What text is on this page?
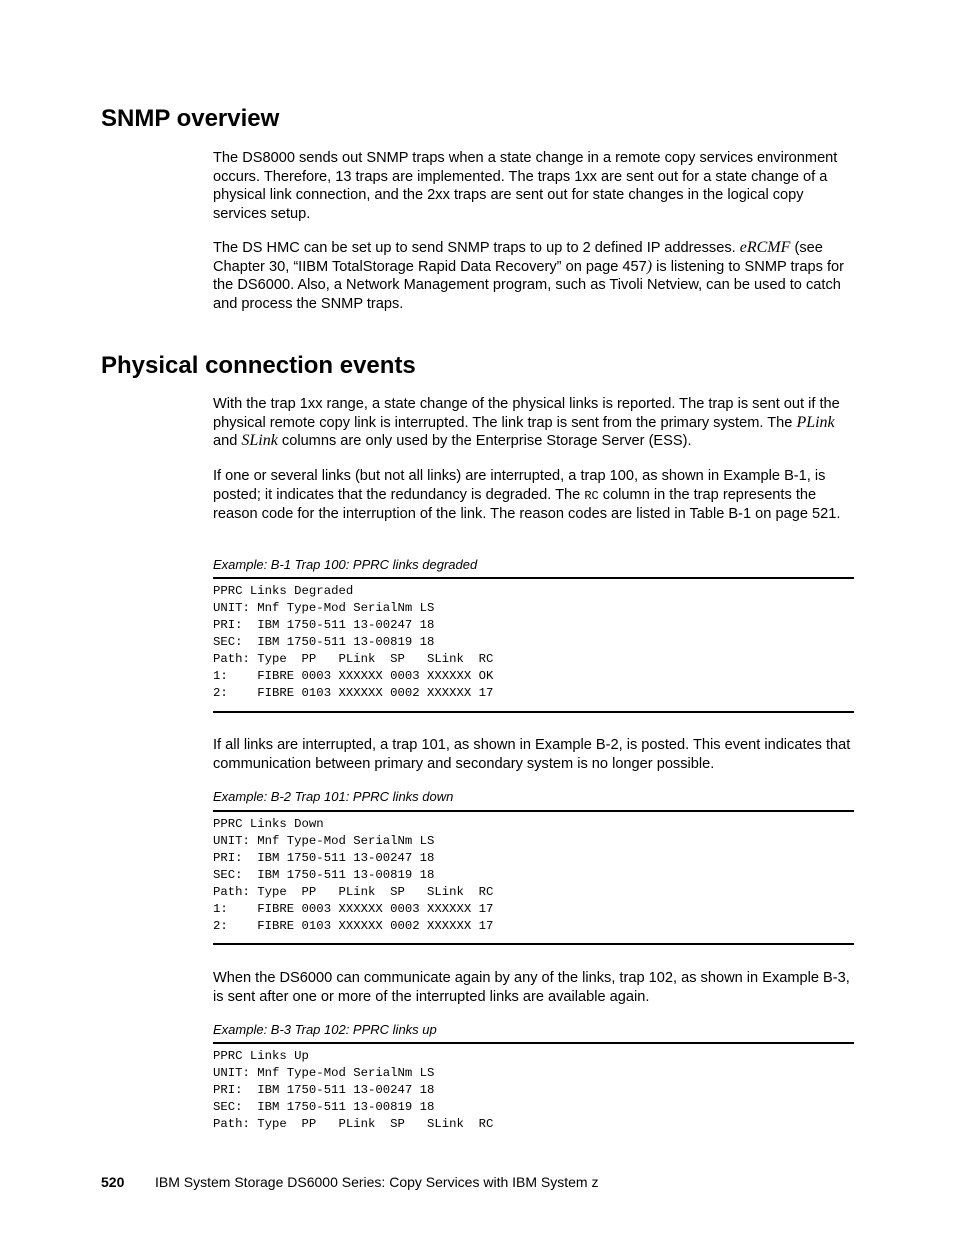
SNMP overview

The DS8000 sends out SNMP traps when a state change in a remote copy services environment occurs. Therefore, 13 traps are implemented. The traps 1xx are sent out for a state change of a physical link connection, and the 2xx traps are sent out for state changes in the logical copy services setup.

The DS HMC can be set up to send SNMP traps to up to 2 defined IP addresses. eRCMF (see Chapter 30, “IIBM TotalStorage Rapid Data Recovery” on page 457) is listening to SNMP traps for the DS6000. Also, a Network Management program, such as Tivoli Netview, can be used to catch and process the SNMP traps.

Physical connection events

With the trap 1xx range, a state change of the physical links is reported. The trap is sent out if the physical remote copy link is interrupted. The link trap is sent from the primary system. The PLink and SLink columns are only used by the Enterprise Storage Server (ESS).

If one or several links (but not all links) are interrupted, a trap 100, as shown in Example B-1, is posted; it indicates that the redundancy is degraded. The RC column in the trap represents the reason code for the interruption of the link. The reason codes are listed in Table B-1 on page 521.

Example: B-1 Trap 100: PPRC links degraded
PPRC Links Degraded
UNIT: Mnf Type-Mod SerialNm LS
PRI:  IBM 1750-511 13-00247 18
SEC:  IBM 1750-511 13-00819 18
Path: Type  PP   PLink  SP   SLink  RC
1:    FIBRE 0003 XXXXXX 0003 XXXXXX OK
2:    FIBRE 0103 XXXXXX 0002 XXXXXX 17

If all links are interrupted, a trap 101, as shown in Example B-2, is posted. This event indicates that communication between primary and secondary system is no longer possible.

Example: B-2 Trap 101: PPRC links down
PPRC Links Down
UNIT: Mnf Type-Mod SerialNm LS
PRI:  IBM 1750-511 13-00247 18
SEC:  IBM 1750-511 13-00819 18
Path: Type  PP   PLink  SP   SLink  RC
1:    FIBRE 0003 XXXXXX 0003 XXXXXX 17
2:    FIBRE 0103 XXXXXX 0002 XXXXXX 17

When the DS6000 can communicate again by any of the links, trap 102, as shown in Example B-3, is sent after one or more of the interrupted links are available again.

Example: B-3 Trap 102: PPRC links up
PPRC Links Up
UNIT: Mnf Type-Mod SerialNm LS
PRI:  IBM 1750-511 13-00247 18
SEC:  IBM 1750-511 13-00819 18
Path: Type  PP   PLink  SP   SLink  RC
520 IBM System Storage DS6000 Series: Copy Services with IBM System z
